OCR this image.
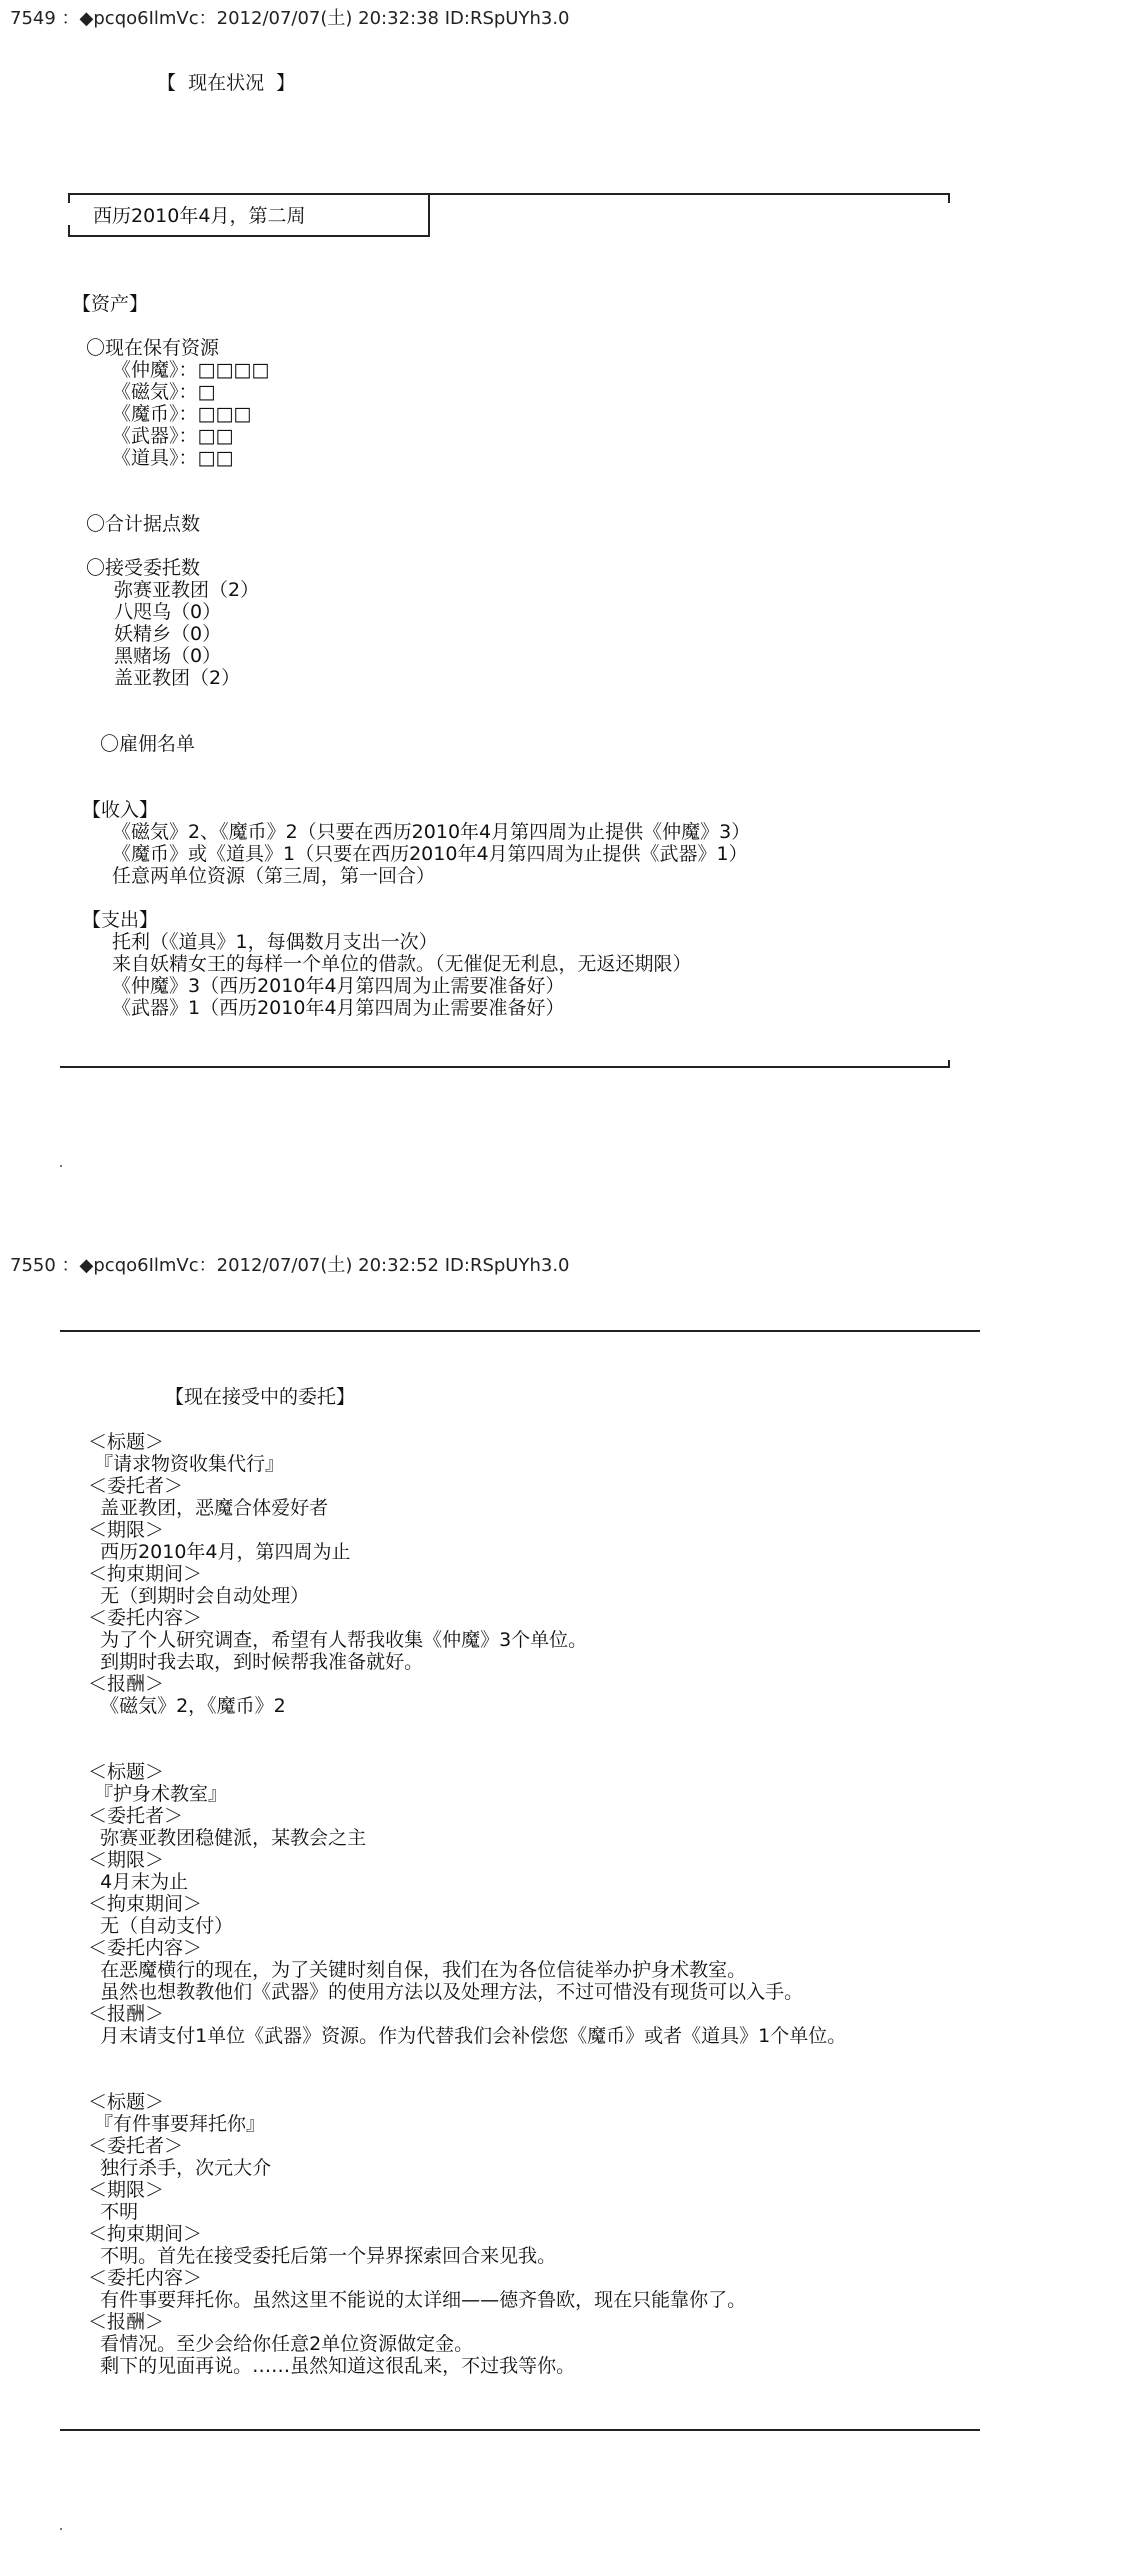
7549 ：◆pcqo6IlmVc：2012/07/07(土) 20:32:38 ID:RSpUYh3.0
【  现在状况  】
西历2010年4月，第二周
【资产】
〇现在保有资源
《仲魔》：□□□□
《磁気》：□
《魔币》：□□□
《武器》：□□
《道具》：□□
〇合计据点数
〇接受委托数
弥赛亚教团（2）
八咫乌（0）
妖精乡（0）
黑赌场（0）
盖亚教团（2）
〇雇佣名单
【收入】
《磁気》2、《魔币》2（只要在西历2010年4月第四周为止提供《仲魔》3）
《魔币》或《道具》1（只要在西历2010年4月第四周为止提供《武器》1）
任意两单位资源（第三周，第一回合）
【支出】
托利（《道具》1，每偶数月支出一次）
来自妖精女王的每样一个单位的借款。（无催促无利息，无返还期限）
《仲魔》3（西历2010年4月第四周为止需要准备好）
《武器》1（西历2010年4月第四周为止需要准备好）
7550 ：◆pcqo6IlmVc：2012/07/07(土) 20:32:52 ID:RSpUYh3.0
【现在接受中的委托】
＜标题＞
『请求物资收集代行』
＜委托者＞
盖亚教团，恶魔合体爱好者
＜期限＞
西历2010年4月，第四周为止
＜拘束期间＞
无（到期时会自动处理）
＜委托内容＞
为了个人研究调查，希望有人帮我收集《仲魔》3个单位。
到期时我去取，到时候帮我准备就好。
＜报酬＞
《磁気》2，《魔币》2
＜标题＞
『护身术教室』
＜委托者＞
弥赛亚教团稳健派，某教会之主
＜期限＞
4月末为止
＜拘束期间＞
无（自动支付）
＜委托内容＞
在恶魔横行的现在，为了关键时刻自保，我们在为各位信徒举办护身术教室。
虽然也想教教他们《武器》的使用方法以及处理方法，不过可惜没有现货可以入手。
＜报酬＞
月末请支付1单位《武器》资源。作为代替我们会补偿您《魔币》或者《道具》1个单位。
＜标题＞
『有件事要拜托你』
＜委托者＞
独行杀手，次元大介
＜期限＞
不明
＜拘束期间＞
不明。首先在接受委托后第一个异界探索回合来见我。
＜委托内容＞
有件事要拜托你。虽然这里不能说的太详细——德齐鲁欧，现在只能靠你了。
＜报酬＞
看情况。至少会给你任意2单位资源做定金。
剩下的见面再说。……虽然知道这很乱来，不过我等你。
